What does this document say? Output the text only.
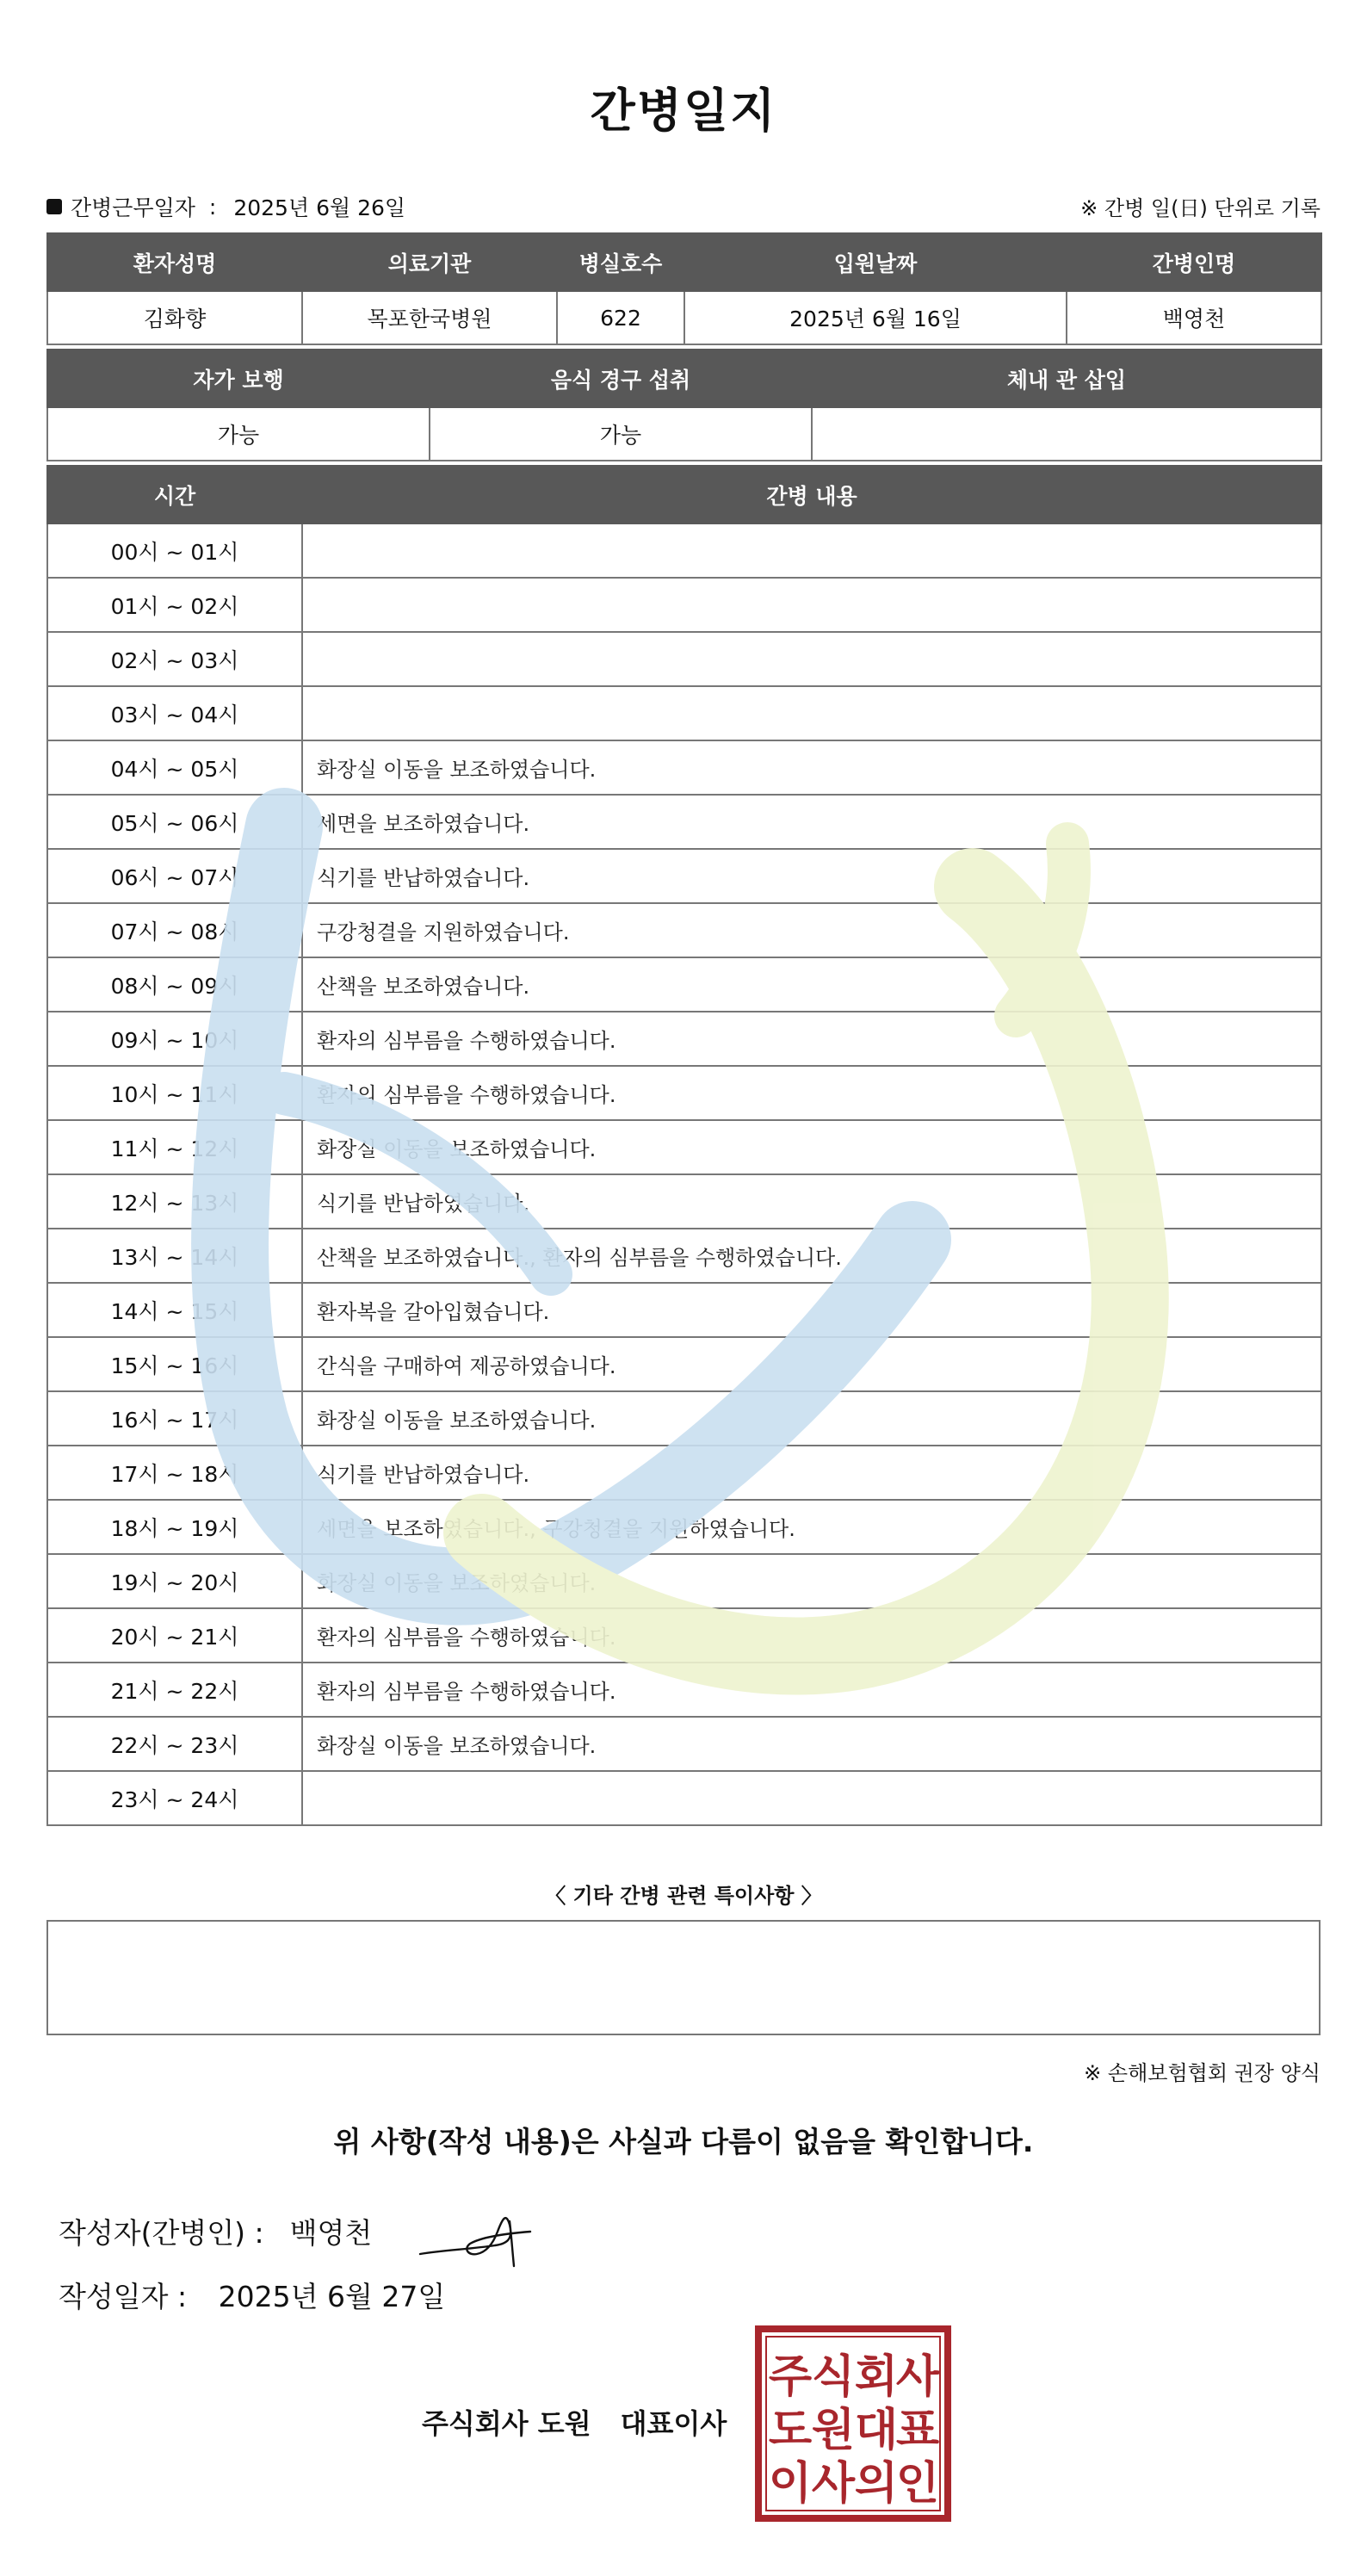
간병일지
간병근무일자 : 2025년 6월 26일	※ 간병 일(日) 단위로 기록
환자성명	의료기관	병실호수	입원날짜	간병인명
김화향	목포한국병원	622	2025년 6월 16일	백영천
자가 보행	음식 경구 섭취	체내 관 삽입
가능	가능	
시간	간병 내용
00시 ~ 01시	
01시 ~ 02시	
02시 ~ 03시	
03시 ~ 04시	
04시 ~ 05시	화장실 이동을 보조하였습니다.
05시 ~ 06시	세면을 보조하였습니다.
06시 ~ 07시	식기를 반납하였습니다.
07시 ~ 08시	구강청결을 지원하였습니다.
08시 ~ 09시	산책을 보조하였습니다.
09시 ~ 10시	환자의 심부름을 수행하였습니다.
10시 ~ 11시	환자의 심부름을 수행하였습니다.
11시 ~ 12시	화장실 이동을 보조하였습니다.
12시 ~ 13시	식기를 반납하였습니다.
13시 ~ 14시	산책을 보조하였습니다., 환자의 심부름을 수행하였습니다.
14시 ~ 15시	환자복을 갈아입혔습니다.
15시 ~ 16시	간식을 구매하여 제공하였습니다.
16시 ~ 17시	화장실 이동을 보조하였습니다.
17시 ~ 18시	식기를 반납하였습니다.
18시 ~ 19시	세면을 보조하였습니다., 구강청결을 지원하였습니다.
19시 ~ 20시	화장실 이동을 보조하였습니다.
20시 ~ 21시	환자의 심부름을 수행하였습니다.
21시 ~ 22시	환자의 심부름을 수행하였습니다.
22시 ~ 23시	화장실 이동을 보조하였습니다.
23시 ~ 24시	
〈 기타 간병 관련 특이사항 〉
※ 손해보험협회 권장 양식
위 사항(작성 내용)은 사실과 다름이 없음을 확인합니다.
작성자(간병인) : 백영천
작성일자 : 2025년 6월 27일
주식회사 도원 대표이사
주 식 회
사
도 원 대
표
이 사 의
인
